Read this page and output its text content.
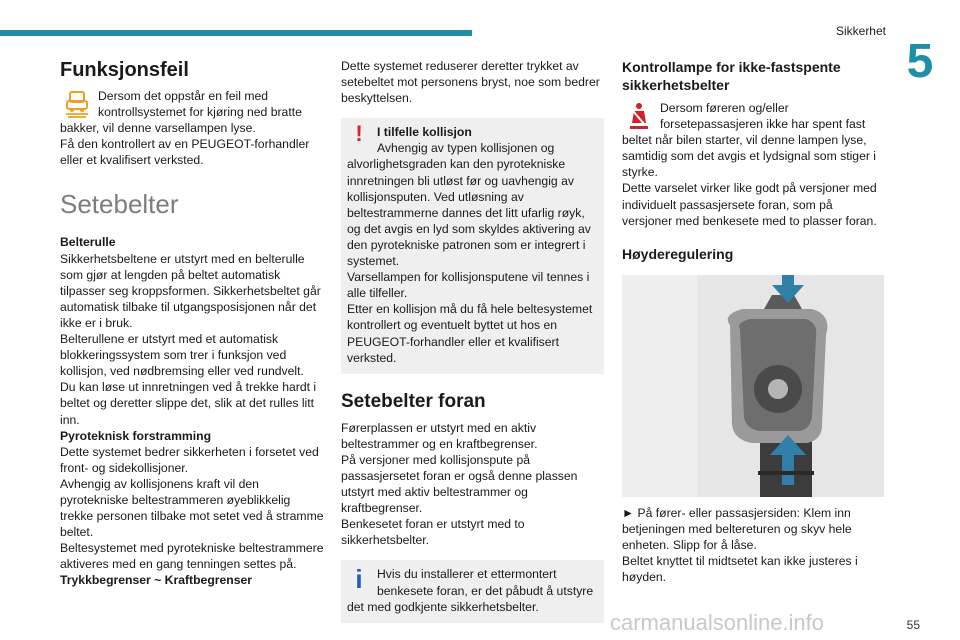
Sikkerhet
5
Funksjonsfeil

Dersom det oppstår en feil med

kontrollsystemet for kjøring ned bratte

bakker, vil denne varsellampen lyse.

Få den kontrollert av en PEUGEOT-forhandler eller et kvalifisert verksted.

Setebelter

Belterulle

Sikkerhetsbeltene er utstyrt med en belterulle som gjør at lengden på beltet automatisk tilpasser seg kroppsformen. Sikkerhetsbeltet går automatisk tilbake til utgangsposisjonen når det ikke er i bruk.

Belterullene er utstyrt med et automatisk blokkeringssystem som trer i funksjon ved kollisjon, ved nødbremsing eller ved rundvelt.

Du kan løse ut innretningen ved å trekke hardt i beltet og deretter slippe det, slik at det rulles litt inn.

Pyroteknisk forstramming

Dette systemet bedrer sikkerheten i forsetet ved front- og sidekollisjoner.

Avhengig av kollisjonens kraft vil den pyrotekniske beltestrammeren øyeblikkelig trekke personen tilbake mot setet ved å stramme beltet.

Beltesystemet med pyrotekniske beltestrammere aktiveres med en gang tenningen settes på.

Trykkbegrenser ~ Kraftbegrenser

Dette systemet reduserer deretter trykket av setebeltet mot personens bryst, noe som bedrer beskyttelsen.

!	I tilfelle kollisjon

Avhengig av typen kollisjonen og

alvorlighetsgraden kan den pyrotekniske innretningen bli utløst før og uavhengig av kollisjonsputen. Ved utløsning av beltestrammerne dannes det litt ufarlig røyk, og det avgis en lyd som skyldes aktivering av den pyrotekniske patronen som er integrert i systemet.

Varsellampen for kollisjonsputene vil tennes i alle tilfeller.

Etter en kollisjon må du få hele beltesystemet kontrollert og eventuelt byttet ut hos en PEUGEOT-forhandler eller et kvalifisert verksted.

Setebelter foran

Førerplassen er utstyrt med en aktiv beltestrammer og en kraftbegrenser.

På versjoner med kollisjonspute på passasjersetet foran er også denne plassen utstyrt med aktiv beltestrammer og kraftbegrenser.

Benkesetet foran er utstyrt med to sikkerhetsbelter.

i	Hvis du installerer et ettermontert

benkesete foran, er det påbudt å utstyre

det med godkjente sikkerhetsbelter.

Kontrollampe for ikke-fastspente sikkerhetsbelter

Dersom føreren og/eller

forsetepassasjeren ikke har spent fast

beltet når bilen starter, vil denne lampen lyse, samtidig som det avgis et lydsignal som stiger i styrke.

Dette varselet virker like godt på versjoner med individuelt passasjersete foran, som på versjoner med benkesete med to plasser foran.

Høyderegulering

► På fører- eller passasjersiden: Klem inn betjeningen med beltereturen og skyv hele enheten. Slipp for å låse.

Beltet knyttet til midtsetet kan ikke justeres i høyden.

55
carmanualsonline.info
